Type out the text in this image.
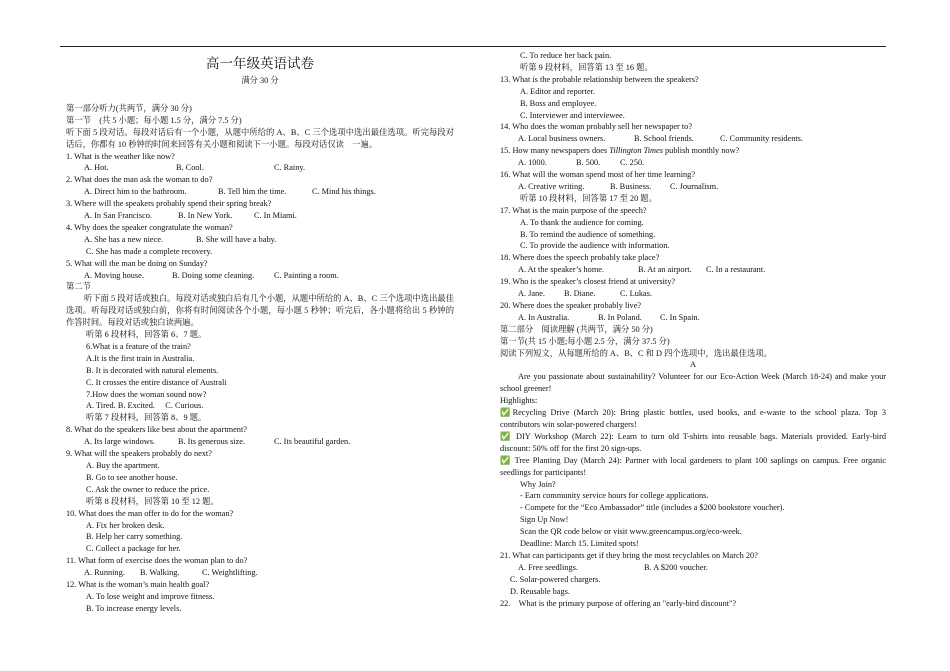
高一年级英语试卷
满分 30 分
第一部分听力(共两节，满分 30 分)
第一节　(共 5 小题；每小题 1.5 分，满分 7.5 分)
听下面 5 段对话。每段对话后有一个小题，从题中所给的 A、B、C 三个选项中选出最佳选项。听完每段对话后，你都有 10 秒钟的时间来回答有关小题和阅读下一小题。每段对话仅读　一遍。
1. What is the weather like now?
A. Hot.	B. Cool.	C. Rainy.
2. What does the man ask the woman to do?
A. Direct him to the bathroom.	B. Tell him the time.	C. Mind his things.
3. Where will the speakers probably spend their spring break?
A. In San Francisco.	B. In New York.	C. In Miami.
4. Why does the speaker congratulate the woman?
A. She has a new niece.	B. She will have a baby.
C. She has made a complete recovery.
5. What will the man be doing on Sunday?
A. Moving house.	B. Doing some cleaning. C. Painting a room.
第二节
听下面 5 段对话或独白。每段对话或独白后有几个小题，从题中所给的 A、B、C 三个选项中选出最佳选项。听每段对话或独白前，你将有时间阅读各个小题，每小题 5 秒钟；听完后，各小题将给出 5 秒钟的作答时间。每段对话或独白读两遍。
听第 6 段材料，回答第 6、7 题。
6.What is a feature of the train?
A.It is the first train in Australia.
B. It is decorated with natural elements.
C. It crosses the entire distance of Australi
7.How does the woman sound now?
A. Tired. B. Excited.　 C. Curious.
听第 7 段材料，回答第 8、9 题。
8. What do the speakers like best about the apartment?
A. Its large windows.	B. Its generous size.	C. Its beautiful garden.
9. What will the speakers probably do next?
A. Buy the apartment.
B. Go to see another house.
C. Ask the owner to reduce the price.
听第 8 段材料，回答第 10 至 12 题。
10. What does the man offer to do for the woman?
A. Fix her broken desk.
B. Help her carry something.
C. Collect a package for her.
11. What form of exercise does the woman plan to do?
A. Running. B. Walking.	C. Weightlifting.
12. What is the woman’s main health goal?
A. To lose weight and improve fitness.
B. To increase energy levels.
C. To reduce her back pain.
听第 9 段材料，回答第 13 至 16 题。
13. What is the probable relationship between the speakers?
A. Editor and reporter.
B. Boss and employee.
C. Interviewer and interviewee.
14. Who does the woman probably sell her newspaper to?
A. Local business owners.	B. School friends.	C. Community residents.
15. How many newspapers does Tillington Times publish monthly now?
A. 1000.	B. 500. C. 250.
16. What will the woman spend most of her time learning?
A. Creative writing.	B. Business. C. Journalism.
听第 10 段材料，回答第 17 至 20 题。
17. What is the main purpose of the speech?
A. To thank the audience for coming.
B. To remind the audience of something.
C. To provide the audience with information.
18. Where does the speech probably take place?
A. At the speaker’s home.	B. At an airport. C. In a restaurant.
19. Who is the speaker’s closest friend at university?
A. Jane. B. Diane.	C. Lukas.
20. Where does the speaker probably live?
A. In Australia.	B. In Poland. C. In Spain.
第二部分　阅读理解 (共两节，满分 50 分)
第一节(共 15 小题;每小题 2.5 分，满分 37.5 分)
阅读下列短文，从每题所给的 A、B、C 和 D 四个选项中，选出最佳选项。
A
Are you passionate about sustainability? Volunteer for our Eco-Action Week (March 18-24) and make your school greener!
Highlights:
✅Recycling Drive (March 20): Bring plastic bottles, used books, and e-waste to the school plaza. Top 3 contributors win solar-powered chargers!
✅ DIY Workshop (March 22): Learn to turn old T-shirts into reusable bags. Materials provided. Early-bird discount: 50% off for the first 20 sign-ups.
✅ Tree Planting Day (March 24): Partner with local gardeners to plant 100 saplings on campus. Free organic seedlings for participants!
Why Join?
- Earn community service hours for college applications.
- Compete for the “Eco Ambassador” title (includes a $200 bookstore voucher).
Sign Up Now!
Scan the QR code below or visit www.greencampus.org/eco-week.
Deadline: March 15. Limited spots!
21. What can participants get if they bring the most recyclables on March 20?
A. Free seedlings.	B. A $200 voucher.
C. Solar-powered chargers.
D. Reusable bags.
22.　What is the primary purpose of offering an "early-bird discount"?
